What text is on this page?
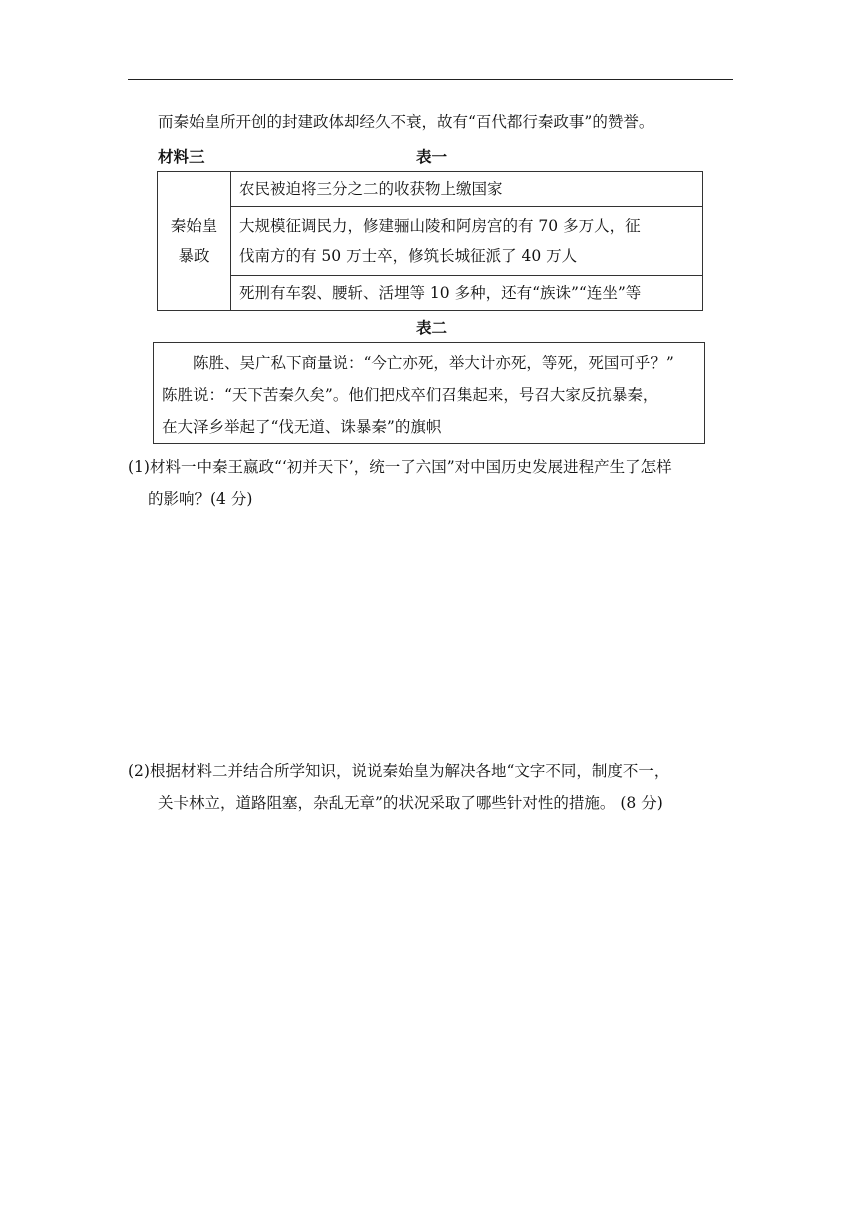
而秦始皇所开创的封建政体却经久不衰，故有“百代都行秦政事”的赞誉。
材料三	表一
秦始皇
暴政
	农民被迫将三分之二的收获物上缴国家

大规模征调民力，修建骊山陵和阿房宫的有 70 多万人，征
伐南方的有 50 万士卒，修筑长城征派了 40 万人

死刑有车裂、腰斩、活埋等 10 多种，还有“族诛”“连坐”等
表二

陈胜、吴广私下商量说：“今亡亦死，举大计亦死，等死，死国可乎？”

陈胜说：“天下苦秦久矣”。他们把戍卒们召集起来，号召大家反抗暴秦，

在大泽乡举起了“伐无道、诛暴秦”的旗帜

(1)材料一中秦王嬴政“‘初并天下’，统一了六国”对中国历史发展进程产生了怎样
的影响？(4 分)
(2)根据材料二并结合所学知识，说说秦始皇为解决各地“文字不同，制度不一，
关卡林立，道路阻塞，杂乱无章”的状况采取了哪些针对性的措施。 (8 分)
